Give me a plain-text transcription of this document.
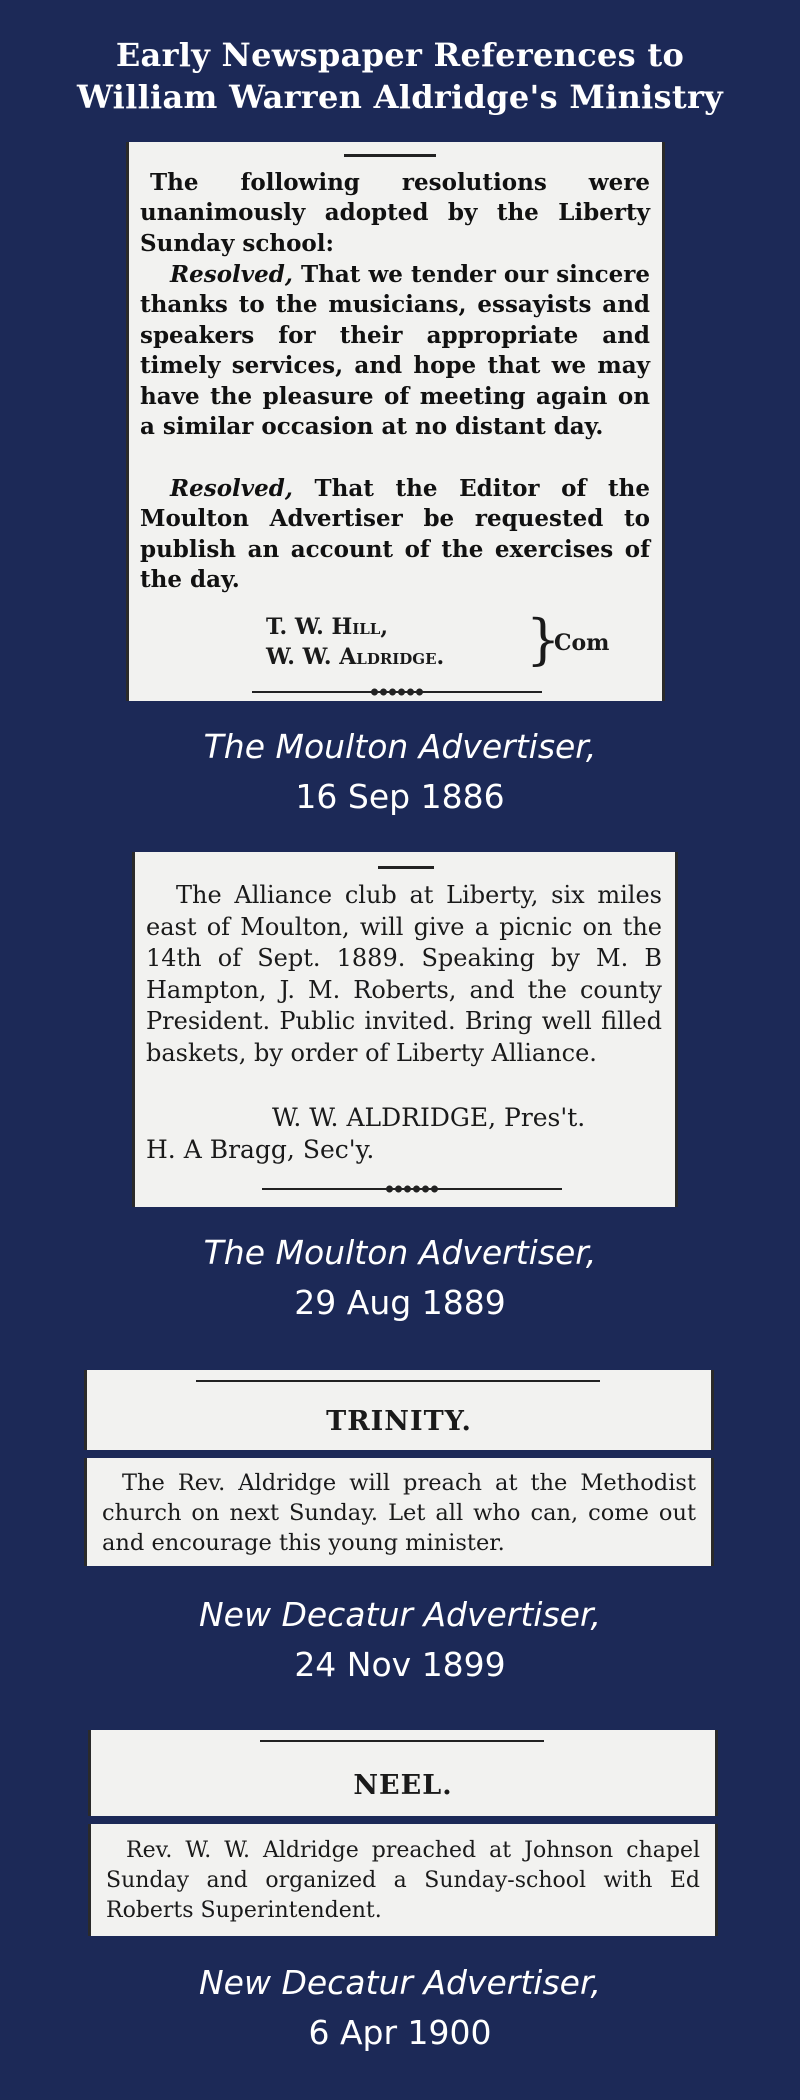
Early Newspaper References to
William Warren Aldridge's Ministry
The following resolutions were unanimously adopted by the Liberty Sunday school:
Resolved, That we tender our sincere thanks to the musicians, essayists and speakers for their appropriate and timely services, and hope that we may have the pleasure of meeting again on a similar occasion at no distant day.
Resolved, That the Editor of the Moulton Advertiser be requested to publish an account of the exercises of the day.
T. W. Hill,
W. W. Aldridge. }
Com
The Moulton Advertiser,
16 Sep 1886
The Alliance club at Liberty, six miles east of Moulton, will give a picnic on the 14th of Sept. 1889. Speaking by M. B Hampton, J. M. Roberts, and the county President. Public invited. Bring well filled baskets, by order of Liberty Alliance.
W. W. ALDRIDGE, Pres't.
H. A Bragg, Sec'y.
The Moulton Advertiser,
29 Aug 1889
TRINITY.
The Rev. Aldridge will preach at the Methodist church on next Sunday. Let all who can, come out and encourage this young minister.
New Decatur Advertiser,
24 Nov 1899
NEEL.
Rev. W. W. Aldridge preached at Johnson chapel Sunday and organized a Sunday-school with Ed Roberts Superintendent.
New Decatur Advertiser,
6 Apr 1900
